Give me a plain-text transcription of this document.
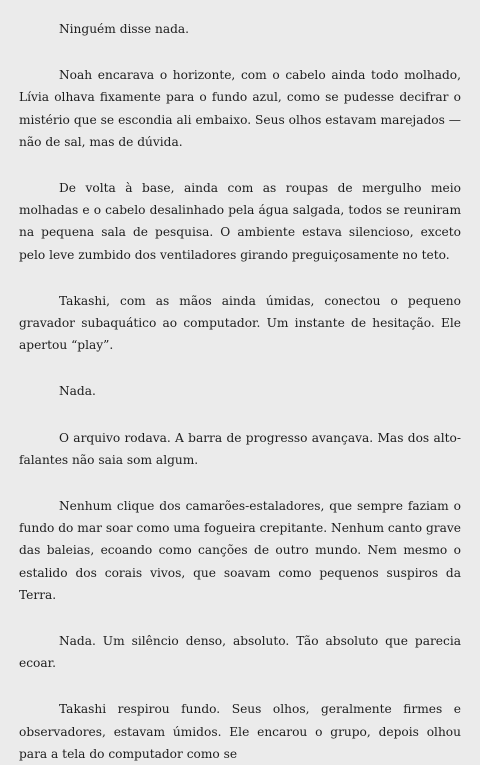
Ninguém disse nada.

Noah encarava o horizonte, com o cabelo ainda todo molhado, Lívia olhava fixamente para o fundo azul, como se pudesse decifrar o mistério que se escondia ali embaixo. Seus olhos estavam marejados — não de sal, mas de dúvida.

De volta à base, ainda com as roupas de mergulho meio molhadas e o cabelo desalinhado pela água salgada, todos se reuniram na pequena sala de pesquisa. O ambiente estava silencioso, exceto pelo leve zumbido dos ventiladores girando preguiçosamente no teto.

Takashi, com as mãos ainda úmidas, conectou o pequeno gravador subaquático ao computador. Um instante de hesitação. Ele apertou “play”.

Nada.

O arquivo rodava. A barra de progresso avançava. Mas dos alto-falantes não saia som algum.

Nenhum clique dos camarões-estaladores, que sempre faziam o fundo do mar soar como uma fogueira crepitante. Nenhum canto grave das baleias, ecoando como canções de outro mundo. Nem mesmo o estalido dos corais vivos, que soavam como pequenos suspiros da Terra.

Nada. Um silêncio denso, absoluto. Tão absoluto que parecia ecoar.

Takashi respirou fundo. Seus olhos, geralmente firmes e observadores, estavam úmidos. Ele encarou o grupo, depois olhou para a tela do computador como se
